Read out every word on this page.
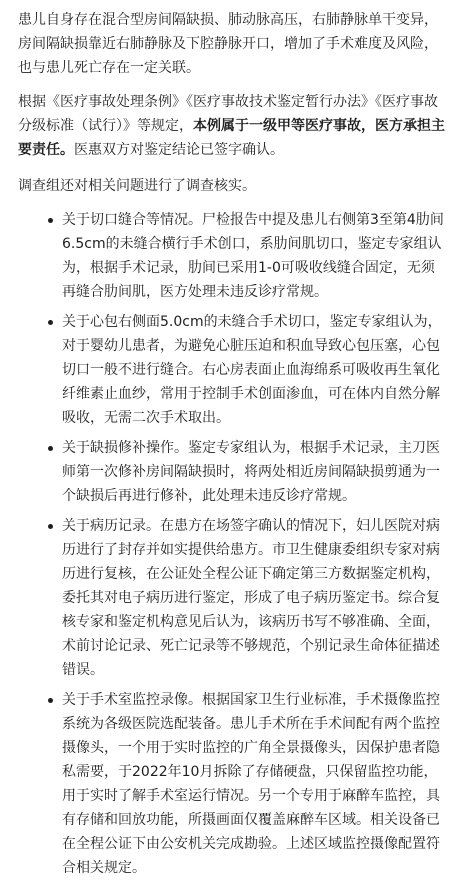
患儿自身存在混合型房间隔缺损、肺动脉高压，右肺静脉单干变异，房间隔缺损靠近右肺静脉及下腔静脉开口，增加了手术难度及风险，也与患儿死亡存在一定关联。

根据《医疗事故处理条例》《医疗事故技术鉴定暂行办法》《医疗事故分级标准（试行）》等规定，本例属于一级甲等医疗事故，医方承担主要责任。医惠双方对鉴定结论已签字确认。

调查组还对相关问题进行了调查核实。

关于切口缝合等情况。尸检报告中提及患儿右侧第3至第4肋间6.5cm的未缝合横行手术创口，系肋间肌切口，鉴定专家组认为，根据手术记录，肋间已采用1-0可吸收线缝合固定，无须再缝合肋间肌，医方处理未违反诊疗常规。
关于心包右侧面5.0cm的未缝合手术切口，鉴定专家组认为，对于婴幼儿患者，为避免心脏压迫和积血导致心包压塞，心包切口一般不进行缝合。右心房表面止血海绵系可吸收再生氧化纤维素止血纱，常用于控制手术创面渗血，可在体内自然分解吸收，无需二次手术取出。
关于缺损修补操作。鉴定专家组认为，根据手术记录，主刀医师第一次修补房间隔缺损时，将两处相近房间隔缺损剪通为一个缺损后再进行修补，此处理未违反诊疗常规。
关于病历记录。在患方在场签字确认的情况下，妇儿医院对病历进行了封存并如实提供给患方。市卫生健康委组织专家对病历进行复核，在公证处全程公证下确定第三方数据鉴定机构，委托其对电子病历进行鉴定，形成了电子病历鉴定书。综合复核专家和鉴定机构意见后认为，该病历书写不够准确、全面，术前讨论记录、死亡记录等不够规范，个别记录生命体征描述错误。
关于手术室监控录像。根据国家卫生行业标准，手术摄像监控系统为各级医院选配装备。患儿手术所在手术间配有两个监控摄像头，一个用于实时监控的广角全景摄像头，因保护患者隐私需要，于2022年10月拆除了存储硬盘，只保留监控功能，用于实时了解手术室运行情况。另一个专用于麻醉车监控，具有存储和回放功能，所摄画面仅覆盖麻醉车区域。相关设备已在全程公证下由公安机关完成勘验。上述区域监控摄像配置符合相关规定。
